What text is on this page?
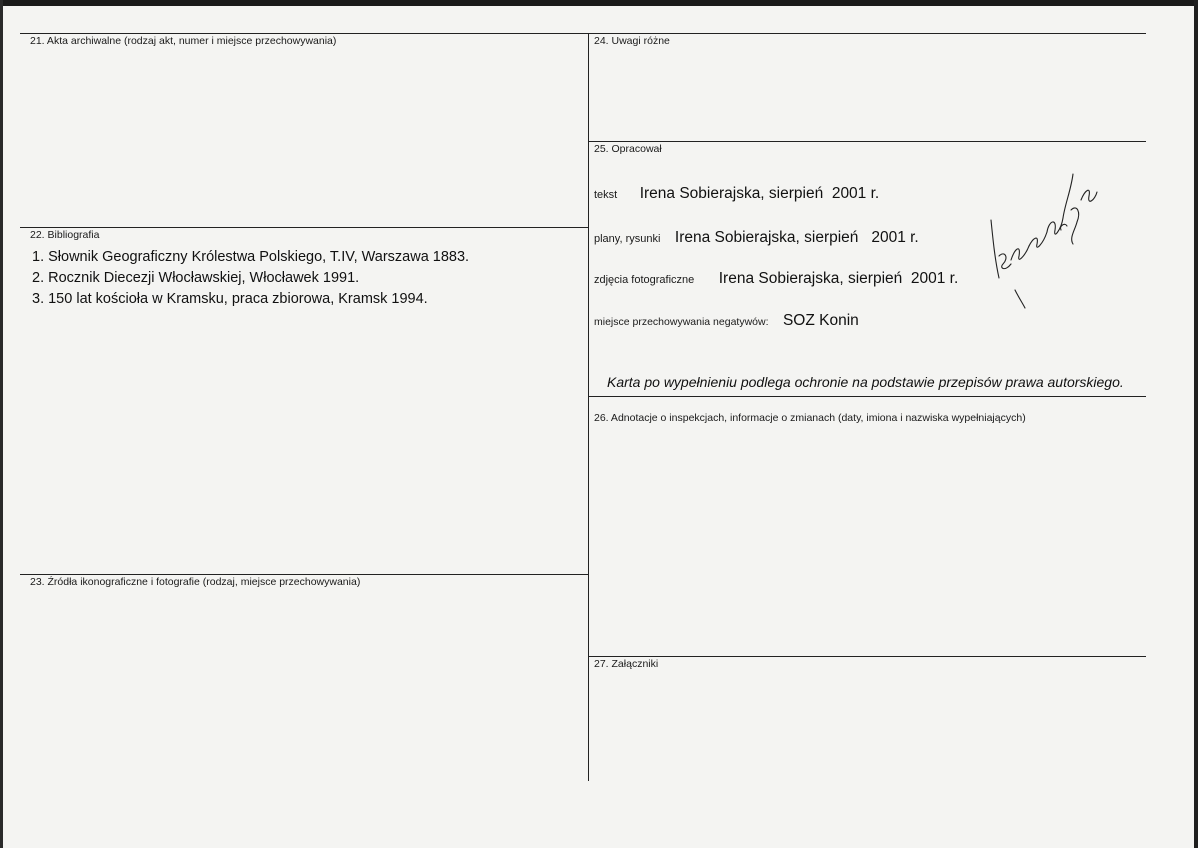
21. Akta archiwalne (rodzaj akt, numer i miejsce przechowywania)
22. Bibliografia
1. Słownik Geograficzny Królestwa Polskiego, T.IV, Warszawa 1883.
2. Rocznik Diecezji Włocławskiej, Włocławek 1991.
3. 150 lat kościoła w Kramsku, praca zbiorowa, Kramsk 1994.
23. Źródła ikonograficzne i fotografie (rodzaj, miejsce przechowywania)
24. Uwagi różne
25. Opracował
tekst Irena Sobierajska, sierpień  2001 r.
plany, rysunki Irena Sobierajska, sierpień   2001 r.
zdjęcia fotograficzne Irena Sobierajska, sierpień  2001 r.
miejsce przechowywania negatywów: SOZ Konin
Karta po wypełnieniu podlega ochronie na podstawie przepisów prawa autorskiego.
26. Adnotacje o inspekcjach, informacje o zmianach (daty, imiona i nazwiska wypełniających)
27. Załączniki
